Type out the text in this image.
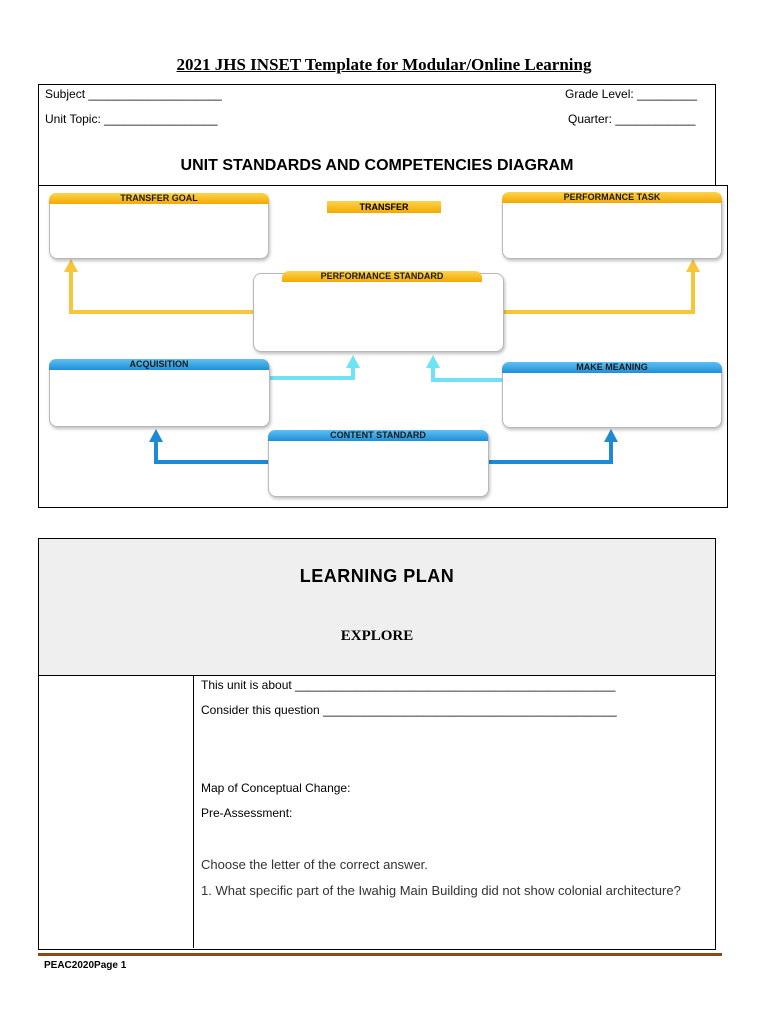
2021 JHS INSET Template for Modular/Online Learning
Subject ____________________	Grade Level: _________
Unit Topic: _________________	Quarter: ____________
UNIT STANDARDS AND COMPETENCIES DIAGRAM
TRANSFER GOAL
TRANSFER
PERFORMANCE TASK
PERFORMANCE STANDARD
ACQUISITION	MAKE MEANING
CONTENT STANDARD
LEARNING PLAN
EXPLORE
This unit is about ________________________________________________
Consider this question ____________________________________________
Map of Conceptual Change:
Pre-Assessment:
Choose the letter of the correct answer.
1. What specific part of the Iwahig Main Building did not show colonial architecture?
PEAC2020Page 1
